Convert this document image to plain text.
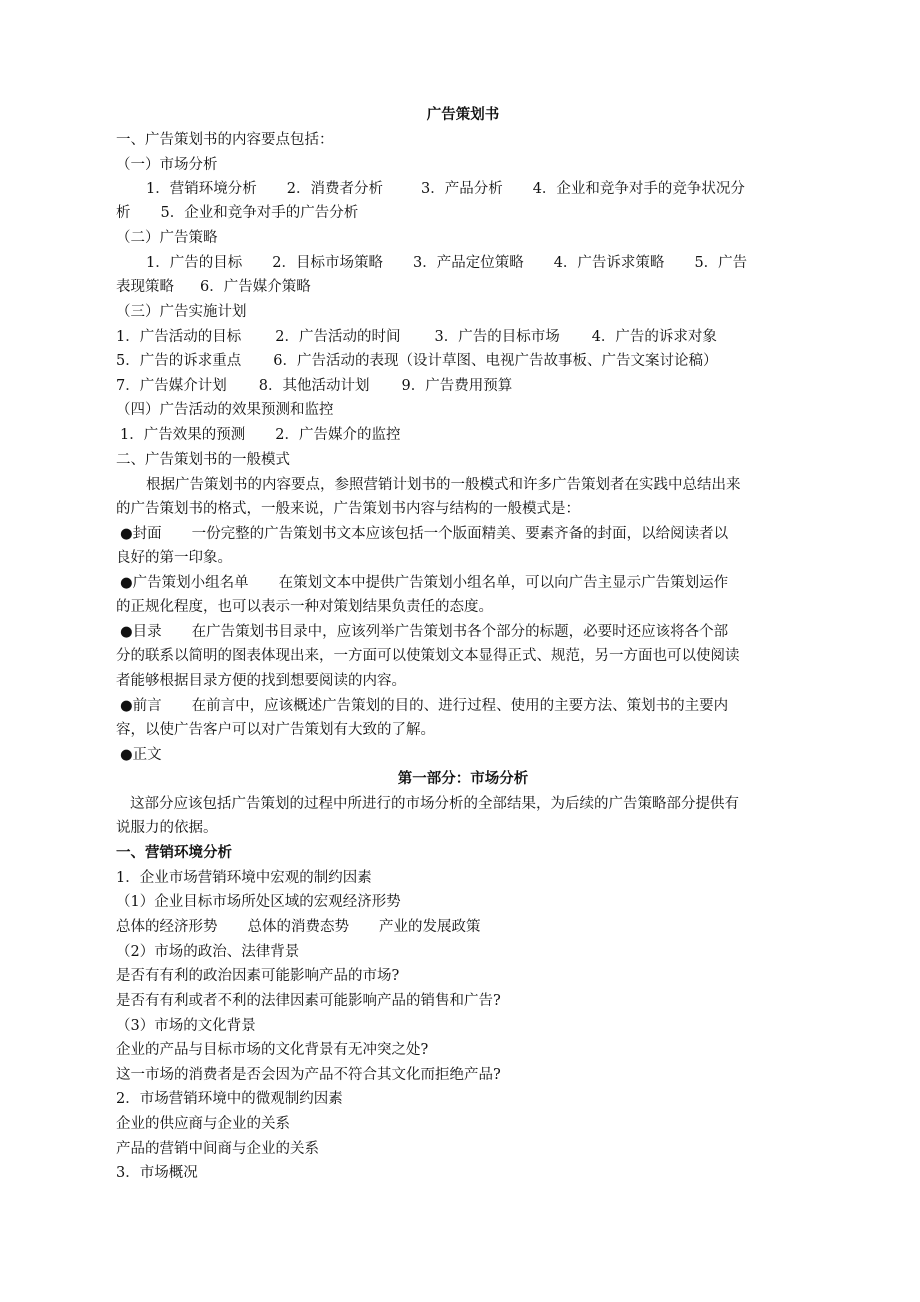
广告策划书
一、广告策划书的内容要点包括：
（一）市场分析
1．营销环境分析 2．消费者分析	3．产品分析 4．企业和竞争对手的竞争状况分
析 5．企业和竞争对手的广告分析
（二）广告策略
1．广告的目标 2．目标市场策略 3．产品定位策略 4．广告诉求策略 5．广告
表现策略 6．广告媒介策略
（三）广告实施计划
1．广告活动的目标 2．广告活动的时间 3．广告的目标市场 4．广告的诉求对象
5．广告的诉求重点 6．广告活动的表现（设计草图、电视广告故事板、广告文案讨论稿）
7．广告媒介计划 8．其他活动计划 9．广告费用预算
（四）广告活动的效果预测和监控
1．广告效果的预测 2．广告媒介的监控
二、广告策划书的一般模式
根据广告策划书的内容要点，参照营销计划书的一般模式和许多广告策划者在实践中总结出来
的广告策划书的格式，一般来说，广告策划书内容与结构的一般模式是：
●封面 一份完整的广告策划书文本应该包括一个版面精美、要素齐备的封面，以给阅读者以
良好的第一印象。
●广告策划小组名单 在策划文本中提供广告策划小组名单，可以向广告主显示广告策划运作
的正规化程度，也可以表示一种对策划结果负责任的态度。
●目录 在广告策划书目录中，应该列举广告策划书各个部分的标题，必要时还应该将各个部
分的联系以简明的图表体现出来，一方面可以使策划文本显得正式、规范，另一方面也可以使阅读
者能够根据目录方便的找到想要阅读的内容。
●前言 在前言中，应该概述广告策划的目的、进行过程、使用的主要方法、策划书的主要内
容，以使广告客户可以对广告策划有大致的了解。
●正文
第一部分：市场分析
这部分应该包括广告策划的过程中所进行的市场分析的全部结果，为后续的广告策略部分提供有
说服力的依据。
一、营销环境分析
1．企业市场营销环境中宏观的制约因素
（1）企业目标市场所处区域的宏观经济形势
总体的经济形势 总体的消费态势 产业的发展政策
（2）市场的政治、法律背景
是否有有利的政治因素可能影响产品的市场?
是否有有利或者不利的法律因素可能影响产品的销售和广告?
（3）市场的文化背景
企业的产品与目标市场的文化背景有无冲突之处?
这一市场的消费者是否会因为产品不符合其文化而拒绝产品?
2．市场营销环境中的微观制约因素
企业的供应商与企业的关系
产品的营销中间商与企业的关系
3．市场概况
